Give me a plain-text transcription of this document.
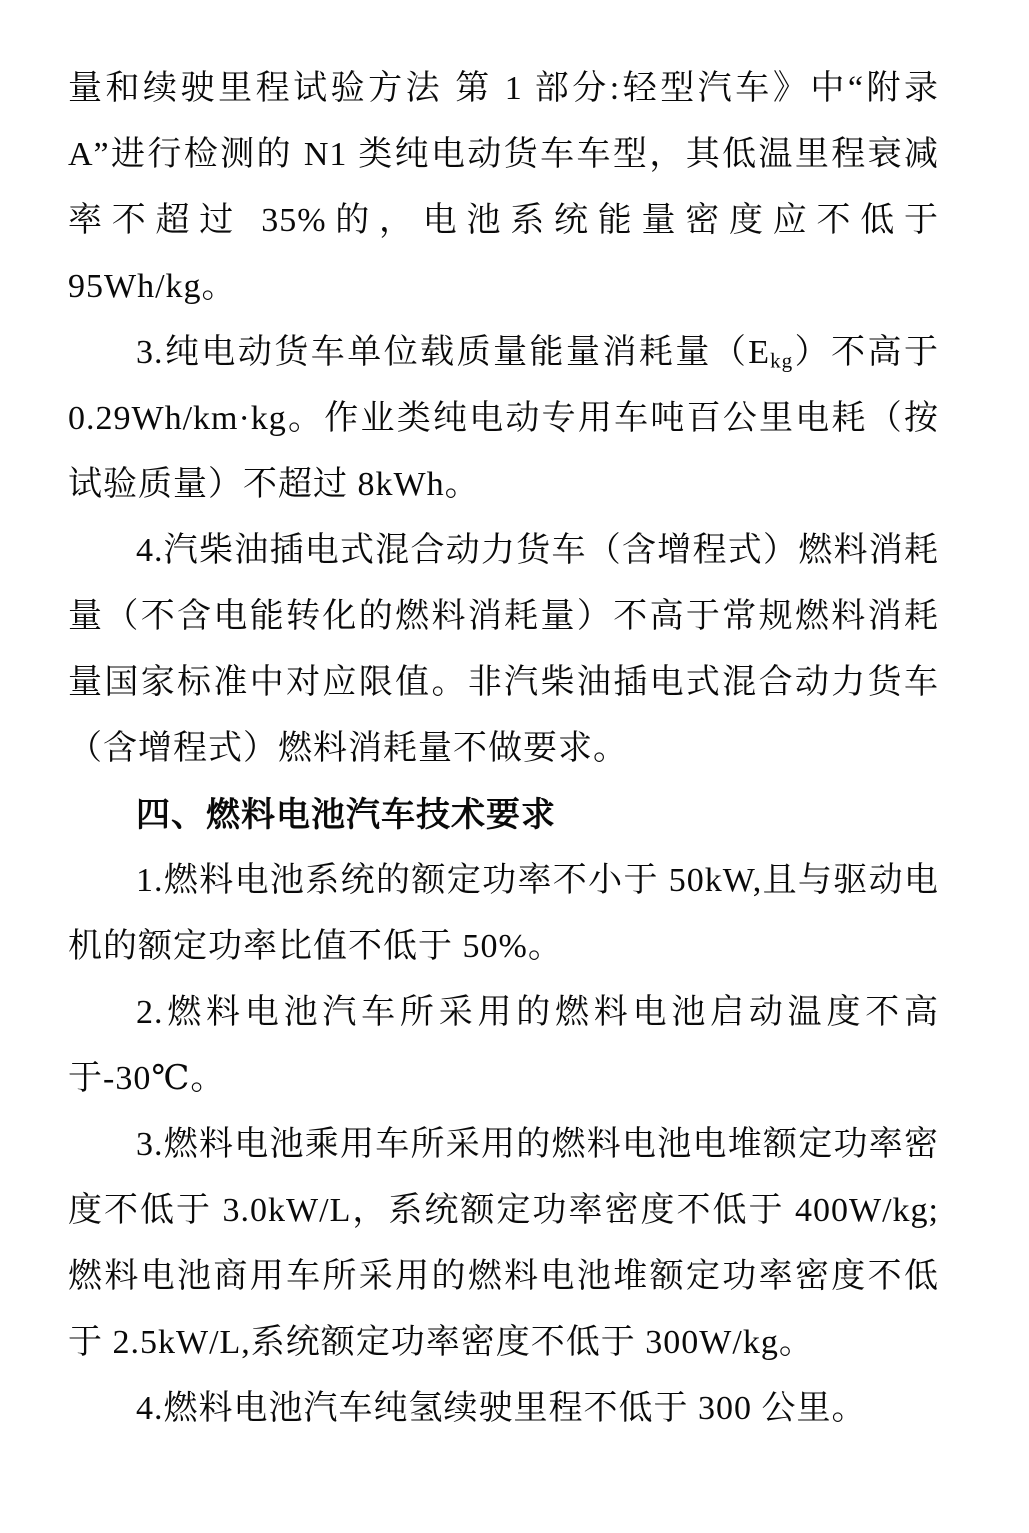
量和续驶里程试验方法 第 1 部分:轻型汽车》中“附录 A”进行检测的 N1 类纯电动货车车型，其低温里程衰减率不超过 35%的，电池系统能量密度应不低于 95Wh/kg。

3.纯电动货车单位载质量能量消耗量$(E_{kg})$不高于 0.29Wh/km·kg。作业类纯电动专用车吨百公里电耗（按试验质量）不超过 8kWh。

4.汽柴油插电式混合动力货车（含增程式）燃料消耗量（不含电能转化的燃料消耗量）不高于常规燃料消耗量国家标准中对应限值。非汽柴油插电式混合动力货车（含增程式）燃料消耗量不做要求。

四、燃料电池汽车技术要求

1.燃料电池系统的额定功率不小于 50kW,且与驱动电机的额定功率比值不低于 50%。

2.燃料电池汽车所采用的燃料电池启动温度不高于-30℃。

3.燃料电池乘用车所采用的燃料电池电堆额定功率密度不低于 3.0kW/L，系统额定功率密度不低于 400W/kg; 燃料电池商用车所采用的燃料电池堆额定功率密度不低于 2.5kW/L,系统额定功率密度不低于 300W/kg。

4.燃料电池汽车纯氢续驶里程不低于 300 公里。
